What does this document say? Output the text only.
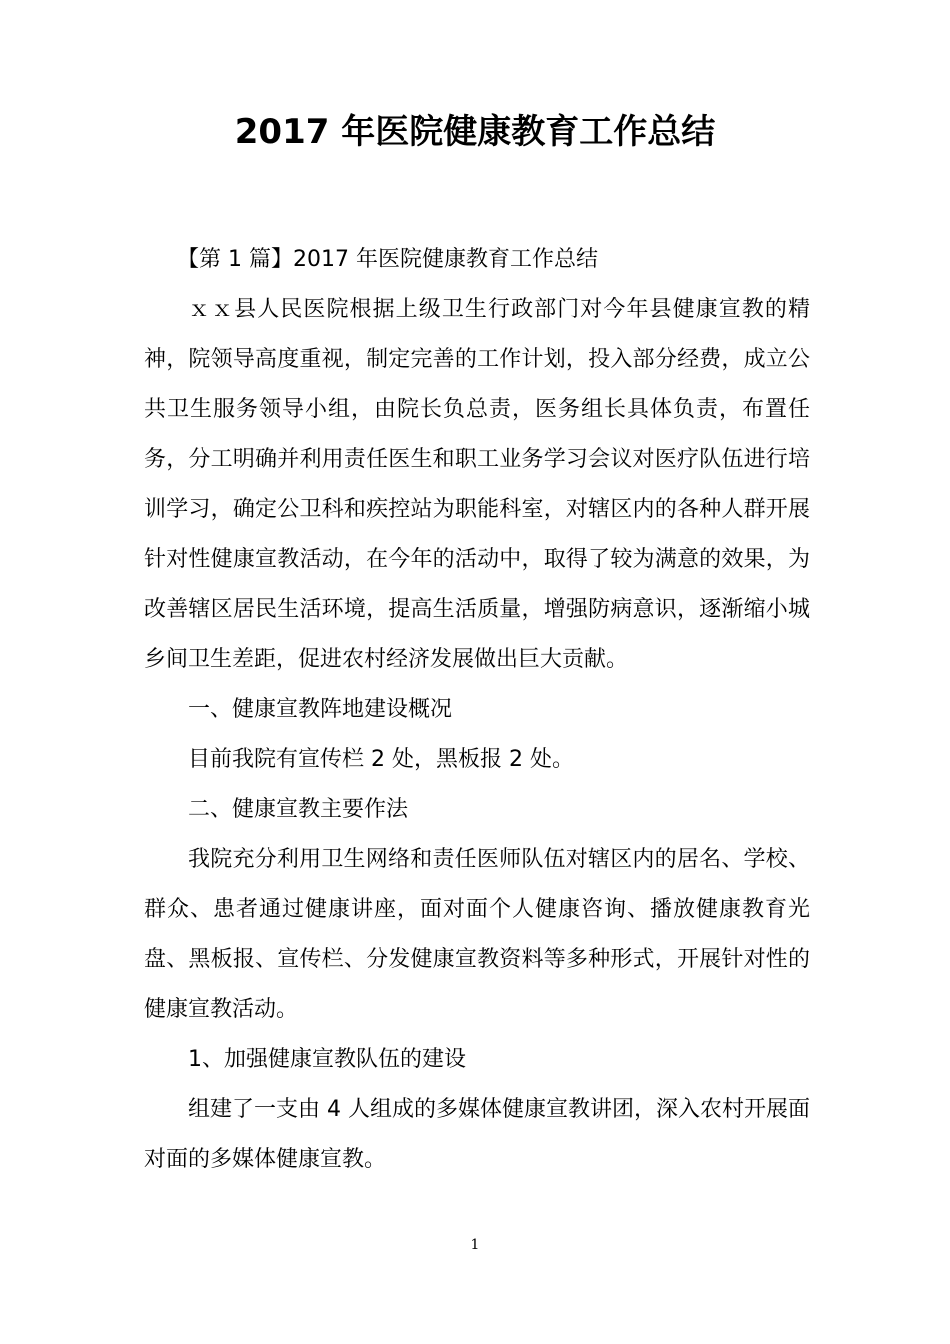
2017 年医院健康教育工作总结

【第 1 篇】2017 年医院健康教育工作总结

ｘｘ县人民医院根据上级卫生行政部门对今年县健康宣教的精神，院领导高度重视，制定完善的工作计划，投入部分经费，成立公共卫生服务领导小组，由院长负总责，医务组长具体负责，布置任务，分工明确并利用责任医生和职工业务学习会议对医疗队伍进行培训学习，确定公卫科和疾控站为职能科室，对辖区内的各种人群开展针对性健康宣教活动，在今年的活动中，取得了较为满意的效果，为改善辖区居民生活环境，提高生活质量，增强防病意识，逐渐缩小城乡间卫生差距，促进农村经济发展做出巨大贡献。

一、健康宣教阵地建设概况

目前我院有宣传栏 2 处，黑板报 2 处。

二、健康宣教主要作法

我院充分利用卫生网络和责任医师队伍对辖区内的居名、学校、群众、患者通过健康讲座，面对面个人健康咨询、播放健康教育光盘、黑板报、宣传栏、分发健康宣教资料等多种形式，开展针对性的健康宣教活动。

1、加强健康宣教队伍的建设

组建了一支由 4 人组成的多媒体健康宣教讲团，深入农村开展面对面的多媒体健康宣教。

1
